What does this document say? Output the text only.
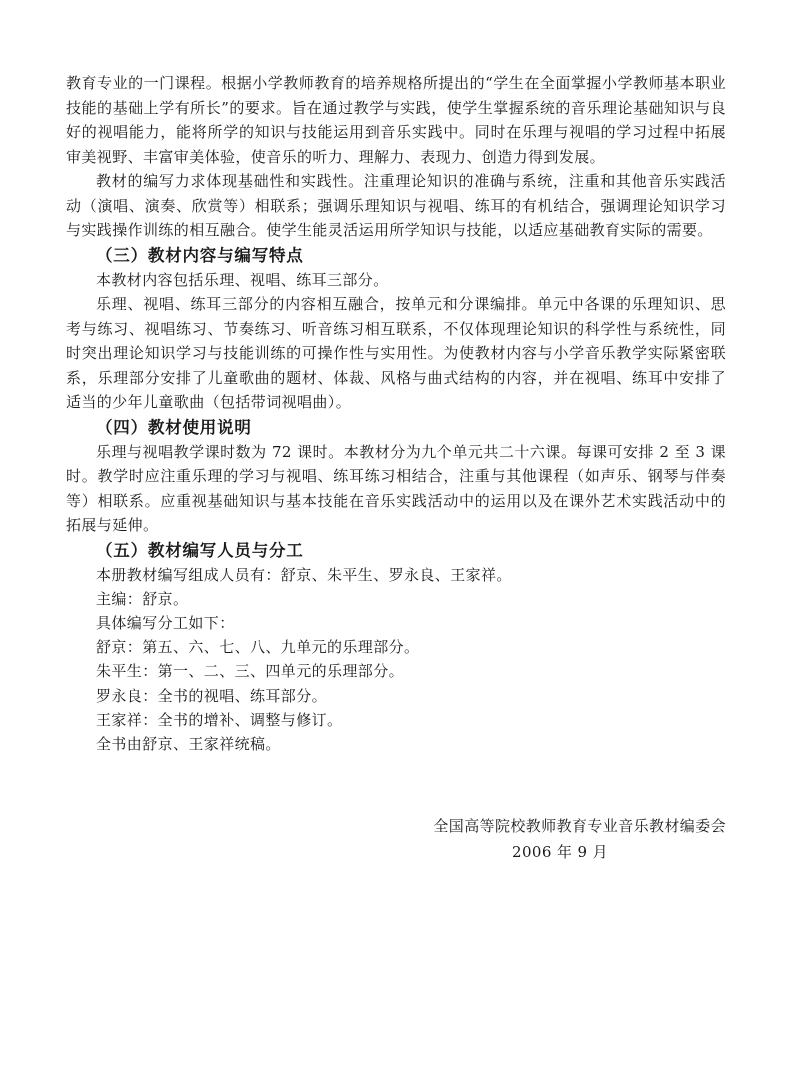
教育专业的一门课程。根据小学教师教育的培养规格所提出的“学生在全面掌握小学教师基本职业技能的基础上学有所长”的要求。旨在通过教学与实践，使学生掌握系统的音乐理论基础知识与良好的视唱能力，能将所学的知识与技能运用到音乐实践中。同时在乐理与视唱的学习过程中拓展审美视野、丰富审美体验，使音乐的听力、理解力、表现力、创造力得到发展。

教材的编写力求体现基础性和实践性。注重理论知识的准确与系统，注重和其他音乐实践活动（演唱、演奏、欣赏等）相联系；强调乐理知识与视唱、练耳的有机结合，强调理论知识学习与实践操作训练的相互融合。使学生能灵活运用所学知识与技能，以适应基础教育实际的需要。

（三）教材内容与编写特点

本教材内容包括乐理、视唱、练耳三部分。

乐理、视唱、练耳三部分的内容相互融合，按单元和分课编排。单元中各课的乐理知识、思考与练习、视唱练习、节奏练习、听音练习相互联系，不仅体现理论知识的科学性与系统性，同时突出理论知识学习与技能训练的可操作性与实用性。为使教材内容与小学音乐教学实际紧密联系，乐理部分安排了儿童歌曲的题材、体裁、风格与曲式结构的内容，并在视唱、练耳中安排了适当的少年儿童歌曲（包括带词视唱曲）。

（四）教材使用说明

乐理与视唱教学课时数为 72 课时。本教材分为九个单元共二十六课。每课可安排 2 至 3 课时。教学时应注重乐理的学习与视唱、练耳练习相结合，注重与其他课程（如声乐、钢琴与伴奏等）相联系。应重视基础知识与基本技能在音乐实践活动中的运用以及在课外艺术实践活动中的拓展与延伸。

（五）教材编写人员与分工

本册教材编写组成人员有：舒京、朱平生、罗永良、王家祥。

主编：舒京。

具体编写分工如下：

舒京：第五、六、七、八、九单元的乐理部分。

朱平生：第一、二、三、四单元的乐理部分。

罗永良：全书的视唱、练耳部分。

王家祥：全书的增补、调整与修订。

全书由舒京、王家祥统稿。

全国高等院校教师教育专业音乐教材编委会

2006 年 9 月
